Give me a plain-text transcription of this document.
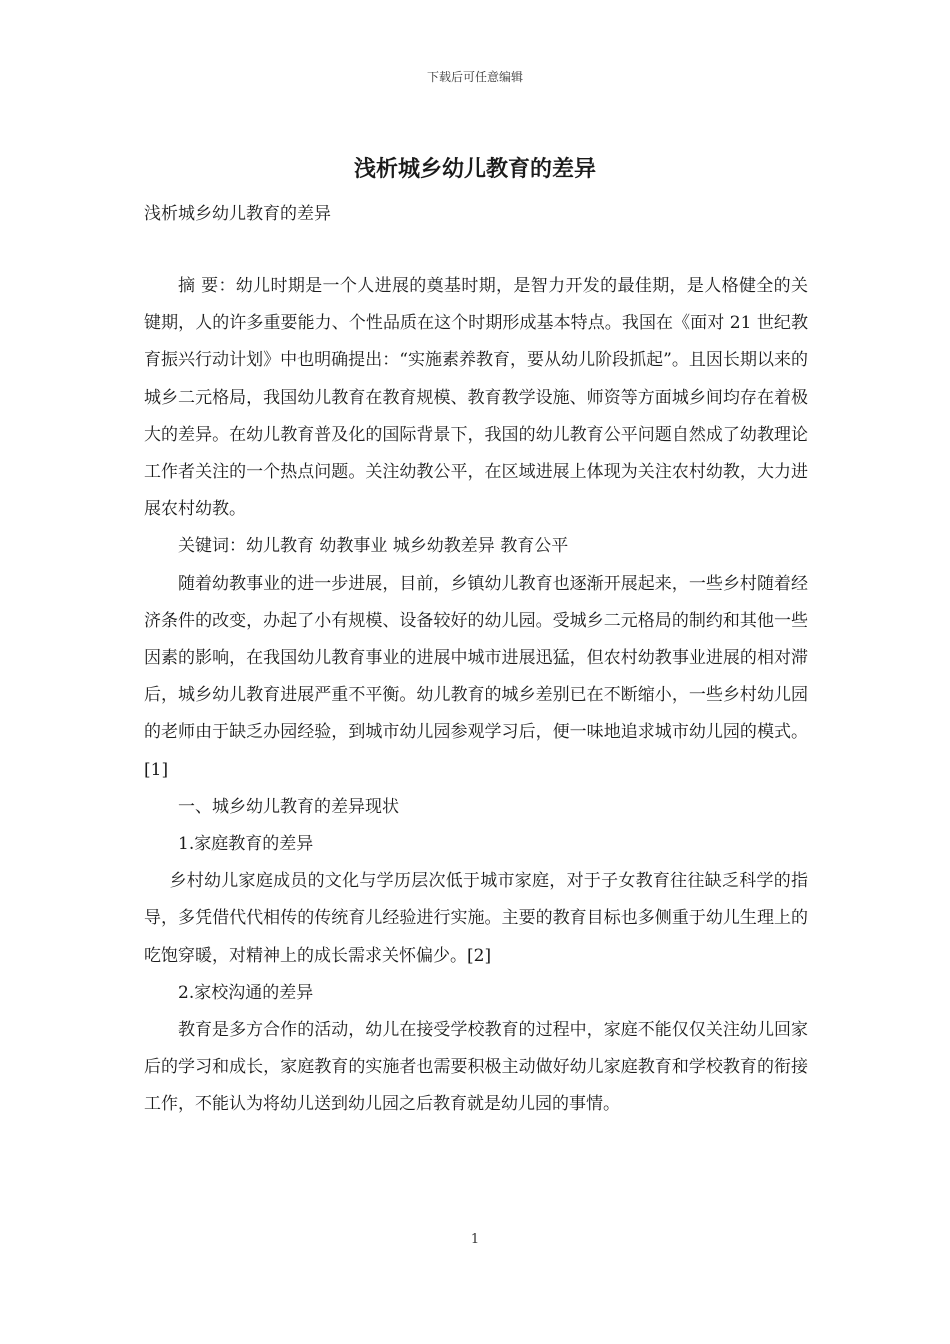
下载后可任意编辑
浅析城乡幼儿教育的差异

浅析城乡幼儿教育的差异

摘 要：幼儿时期是一个人进展的奠基时期，是智力开发的最佳期，是人格健全的关键期，人的许多重要能力、个性品质在这个时期形成基本特点。我国在《面对 21 世纪教育振兴行动计划》中也明确提出：“实施素养教育，要从幼儿阶段抓起”。且因长期以来的城乡二元格局，我国幼儿教育在教育规模、教育教学设施、师资等方面城乡间均存在着极大的差异。在幼儿教育普及化的国际背景下，我国的幼儿教育公平问题自然成了幼教理论工作者关注的一个热点问题。关注幼教公平，在区域进展上体现为关注农村幼教，大力进展农村幼教。

关键词：幼儿教育 幼教事业 城乡幼教差异 教育公平

随着幼教事业的进一步进展，目前，乡镇幼儿教育也逐渐开展起来，一些乡村随着经济条件的改变，办起了小有规模、设备较好的幼儿园。受城乡二元格局的制约和其他一些因素的影响，在我国幼儿教育事业的进展中城市进展迅猛，但农村幼教事业进展的相对滞后，城乡幼儿教育进展严重不平衡。幼儿教育的城乡差别已在不断缩小，一些乡村幼儿园的老师由于缺乏办园经验，到城市幼儿园参观学习后，便一味地追求城市幼儿园的模式。[1]

一、城乡幼儿教育的差异现状

1.家庭教育的差异

乡村幼儿家庭成员的文化与学历层次低于城市家庭，对于子女教育往往缺乏科学的指导，多凭借代代相传的传统育儿经验进行实施。主要的教育目标也多侧重于幼儿生理上的吃饱穿暖，对精神上的成长需求关怀偏少。[2]

2.家校沟通的差异

教育是多方合作的活动，幼儿在接受学校教育的过程中，家庭不能仅仅关注幼儿回家后的学习和成长，家庭教育的实施者也需要积极主动做好幼儿家庭教育和学校教育的衔接工作，不能认为将幼儿送到幼儿园之后教育就是幼儿园的事情。

1
